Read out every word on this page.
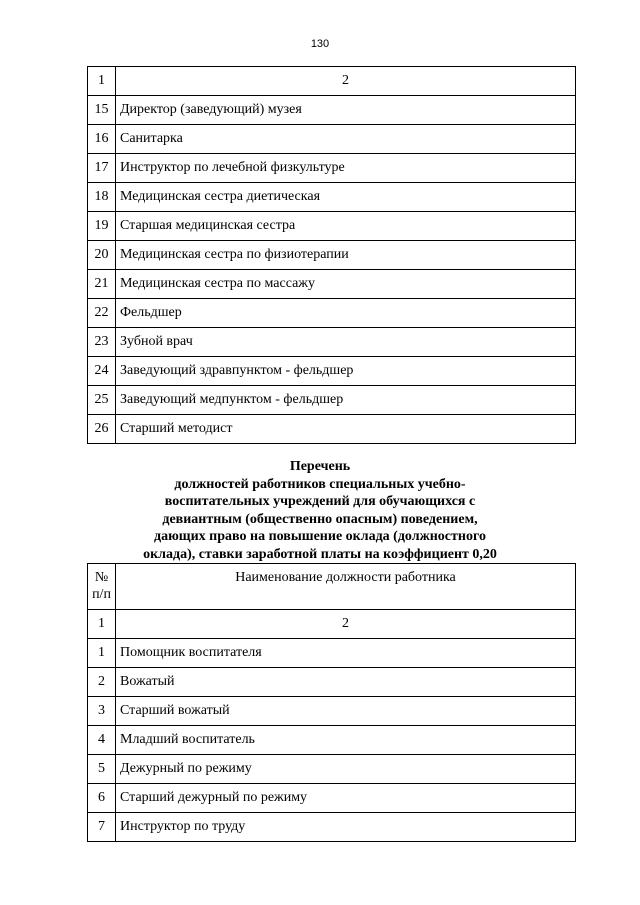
130
1	2
15	Директор (заведующий) музея
16	Санитарка
17	Инструктор по лечебной физкультуре
18	Медицинская сестра диетическая
19	Старшая медицинская сестра
20	Медицинская сестра по физиотерапии
21	Медицинская сестра по массажу
22	Фельдшер
23	Зубной врач
24	Заведующий здравпунктом - фельдшер
25	Заведующий медпунктом - фельдшер
26	Старший методист
Перечень
должностей работников специальных учебно-
воспитательных учреждений для обучающихся с
девиантным (общественно опасным) поведением,
дающих право на повышение оклада (должностного
оклада), ставки заработной платы на коэффициент 0,20
№ п/п	Наименование должности работника
1	2
1	Помощник воспитателя
2	Вожатый
3	Старший вожатый
4	Младший воспитатель
5	Дежурный по режиму
6	Старший дежурный по режиму
7	Инструктор по труду
